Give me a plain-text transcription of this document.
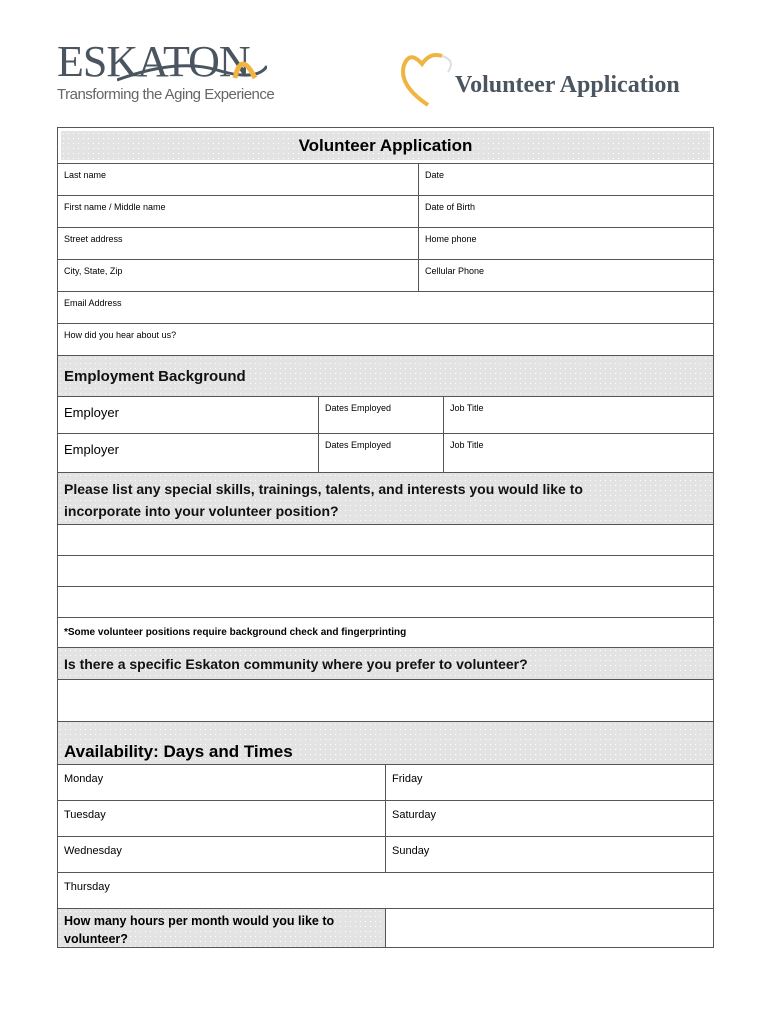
ESKATON
Transforming the Aging Experience	Volunteer Application
Volunteer Application
Last name	Date
First name / Middle name	Date of Birth
Street address	Home phone
City, State, Zip	Cellular Phone
Email Address
How did you hear about us?
Employment Background
Employer	Dates Employed	Job Title
Employer	Dates Employed	Job Title
Please list any special skills, trainings, talents, and interests you would like to incorporate into your volunteer position?
*Some volunteer positions require background check and fingerprinting
Is there a specific Eskaton community where you prefer to volunteer?
Availability: Days and Times
Monday	Friday
Tuesday	Saturday
Wednesday	Sunday
Thursday
How many hours per month would you like to volunteer?
